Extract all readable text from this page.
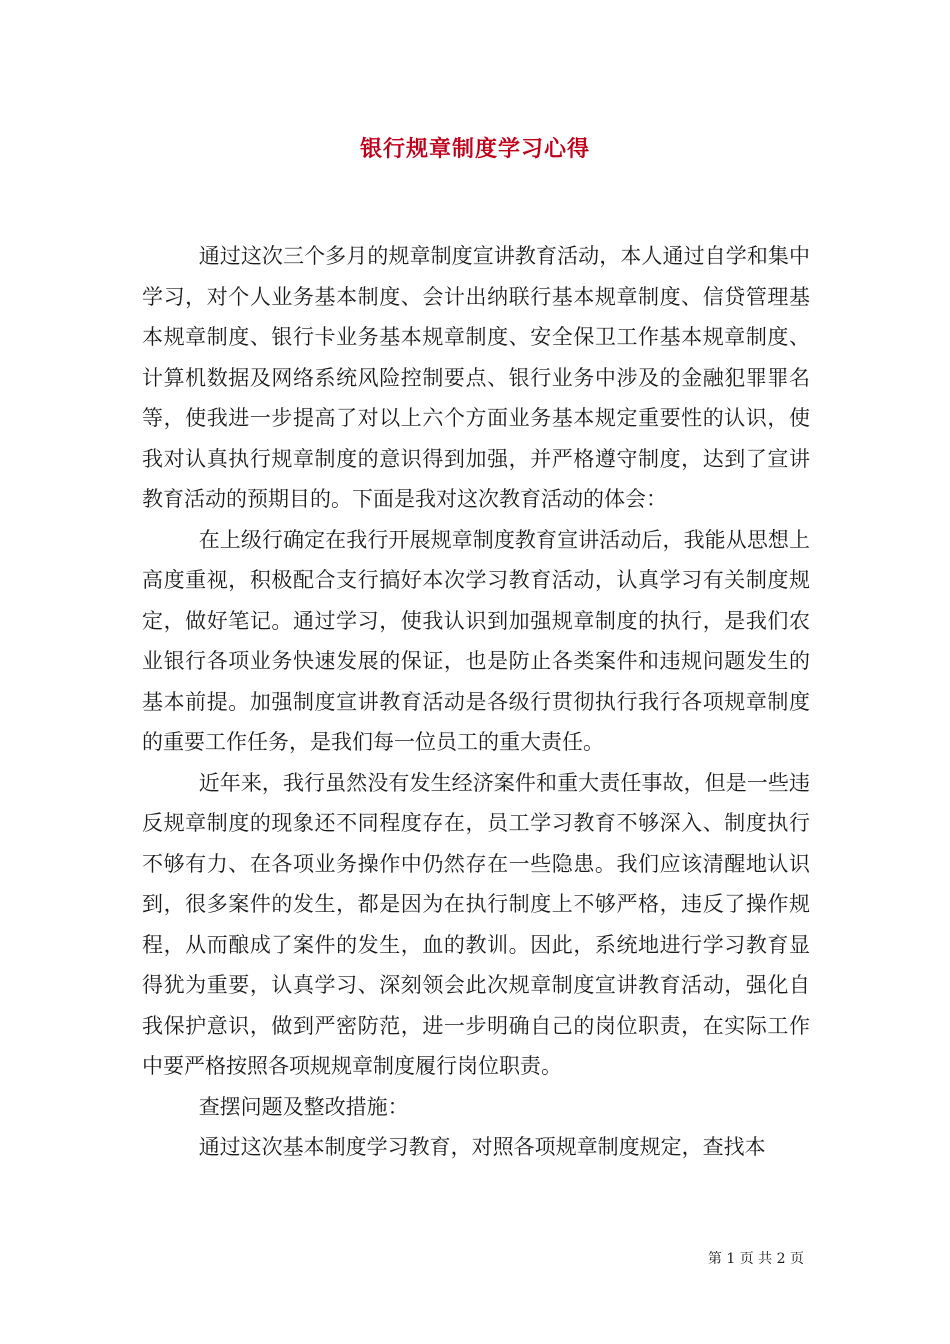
银行规章制度学习心得

通过这次三个多月的规章制度宣讲教育活动，本人通过自学和集中学习，对个人业务基本制度、会计出纳联行基本规章制度、信贷管理基本规章制度、银行卡业务基本规章制度、安全保卫工作基本规章制度、计算机数据及网络系统风险控制要点、银行业务中涉及的金融犯罪罪名等，使我进一步提高了对以上六个方面业务基本规定重要性的认识，使我对认真执行规章制度的意识得到加强，并严格遵守制度，达到了宣讲教育活动的预期目的。下面是我对这次教育活动的体会：

在上级行确定在我行开展规章制度教育宣讲活动后，我能从思想上高度重视，积极配合支行搞好本次学习教育活动，认真学习有关制度规定，做好笔记。通过学习，使我认识到加强规章制度的执行，是我们农业银行各项业务快速发展的保证，也是防止各类案件和违规问题发生的基本前提。加强制度宣讲教育活动是各级行贯彻执行我行各项规章制度的重要工作任务，是我们每一位员工的重大责任。

近年来，我行虽然没有发生经济案件和重大责任事故，但是一些违反规章制度的现象还不同程度存在，员工学习教育不够深入、制度执行不够有力、在各项业务操作中仍然存在一些隐患。我们应该清醒地认识到，很多案件的发生，都是因为在执行制度上不够严格，违反了操作规程，从而酿成了案件的发生，血的教训。因此，系统地进行学习教育显得犹为重要，认真学习、深刻领会此次规章制度宣讲教育活动，强化自我保护意识，做到严密防范，进一步明确自己的岗位职责，在实际工作中要严格按照各项规规章制度履行岗位职责。

查摆问题及整改措施：

通过这次基本制度学习教育，对照各项规章制度规定，查找本

第 1 页 共 2 页
